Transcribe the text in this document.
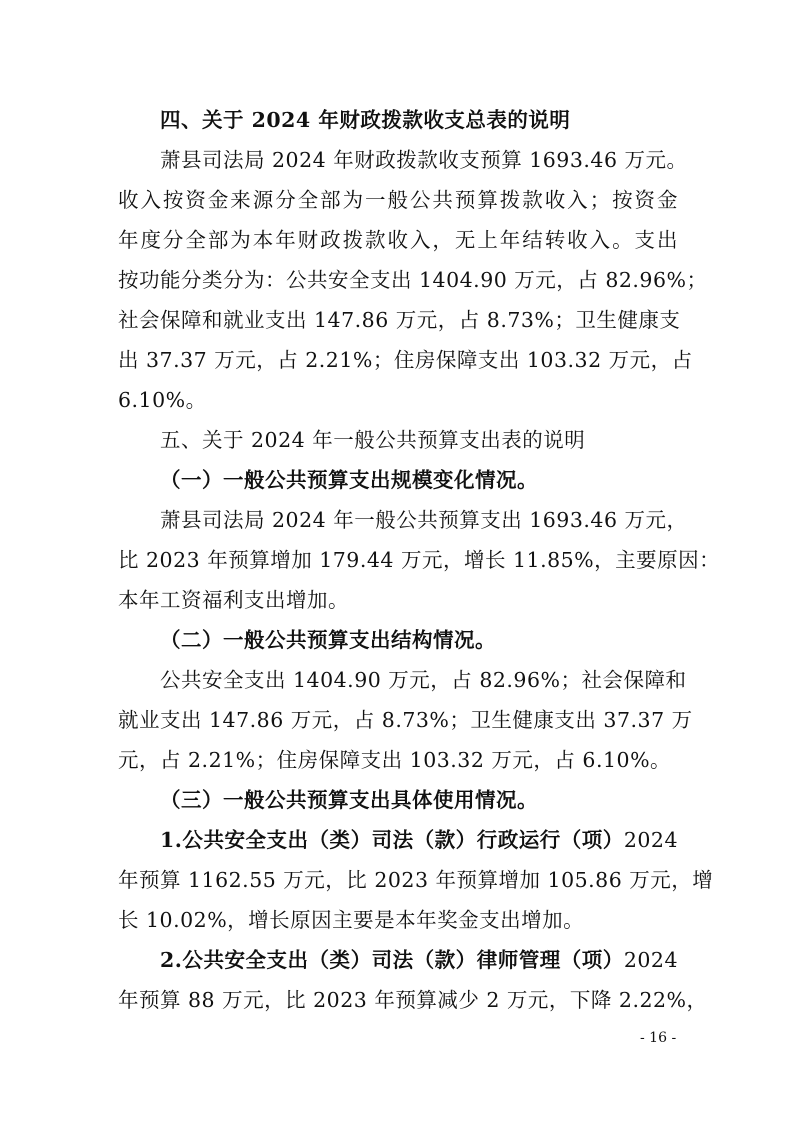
四、关于 2024 年财政拨款收支总表的说明
萧县司法局 2024 年财政拨款收支预算 1693.46 万元。
收入按资金来源分全部为一般公共预算拨款收入；按资金
年度分全部为本年财政拨款收入，无上年结转收入。支出
按功能分类分为：公共安全支出 1404.90 万元，占 82.96%；
社会保障和就业支出 147.86 万元，占 8.73%；卫生健康支
出 37.37 万元，占 2.21%；住房保障支出 103.32 万元，占
6.10%。
五、关于 2024 年一般公共预算支出表的说明
（一）一般公共预算支出规模变化情况。
萧县司法局 2024 年一般公共预算支出 1693.46 万元，
比 2023 年预算增加 179.44 万元，增长 11.85%，主要原因：
本年工资福利支出增加。
（二）一般公共预算支出结构情况。
公共安全支出 1404.90 万元，占 82.96%；社会保障和
就业支出 147.86 万元，占 8.73%；卫生健康支出 37.37 万
元，占 2.21%；住房保障支出 103.32 万元，占 6.10%。
（三）一般公共预算支出具体使用情况。
1.公共安全支出（类）司法（款）行政运行（项）2024
年预算 1162.55 万元，比 2023 年预算增加 105.86 万元，增
长 10.02%，增长原因主要是本年奖金支出增加。
2.公共安全支出（类）司法（款）律师管理（项）2024
年预算 88 万元，比 2023 年预算减少 2 万元，下降 2.22%，
- 16 -
